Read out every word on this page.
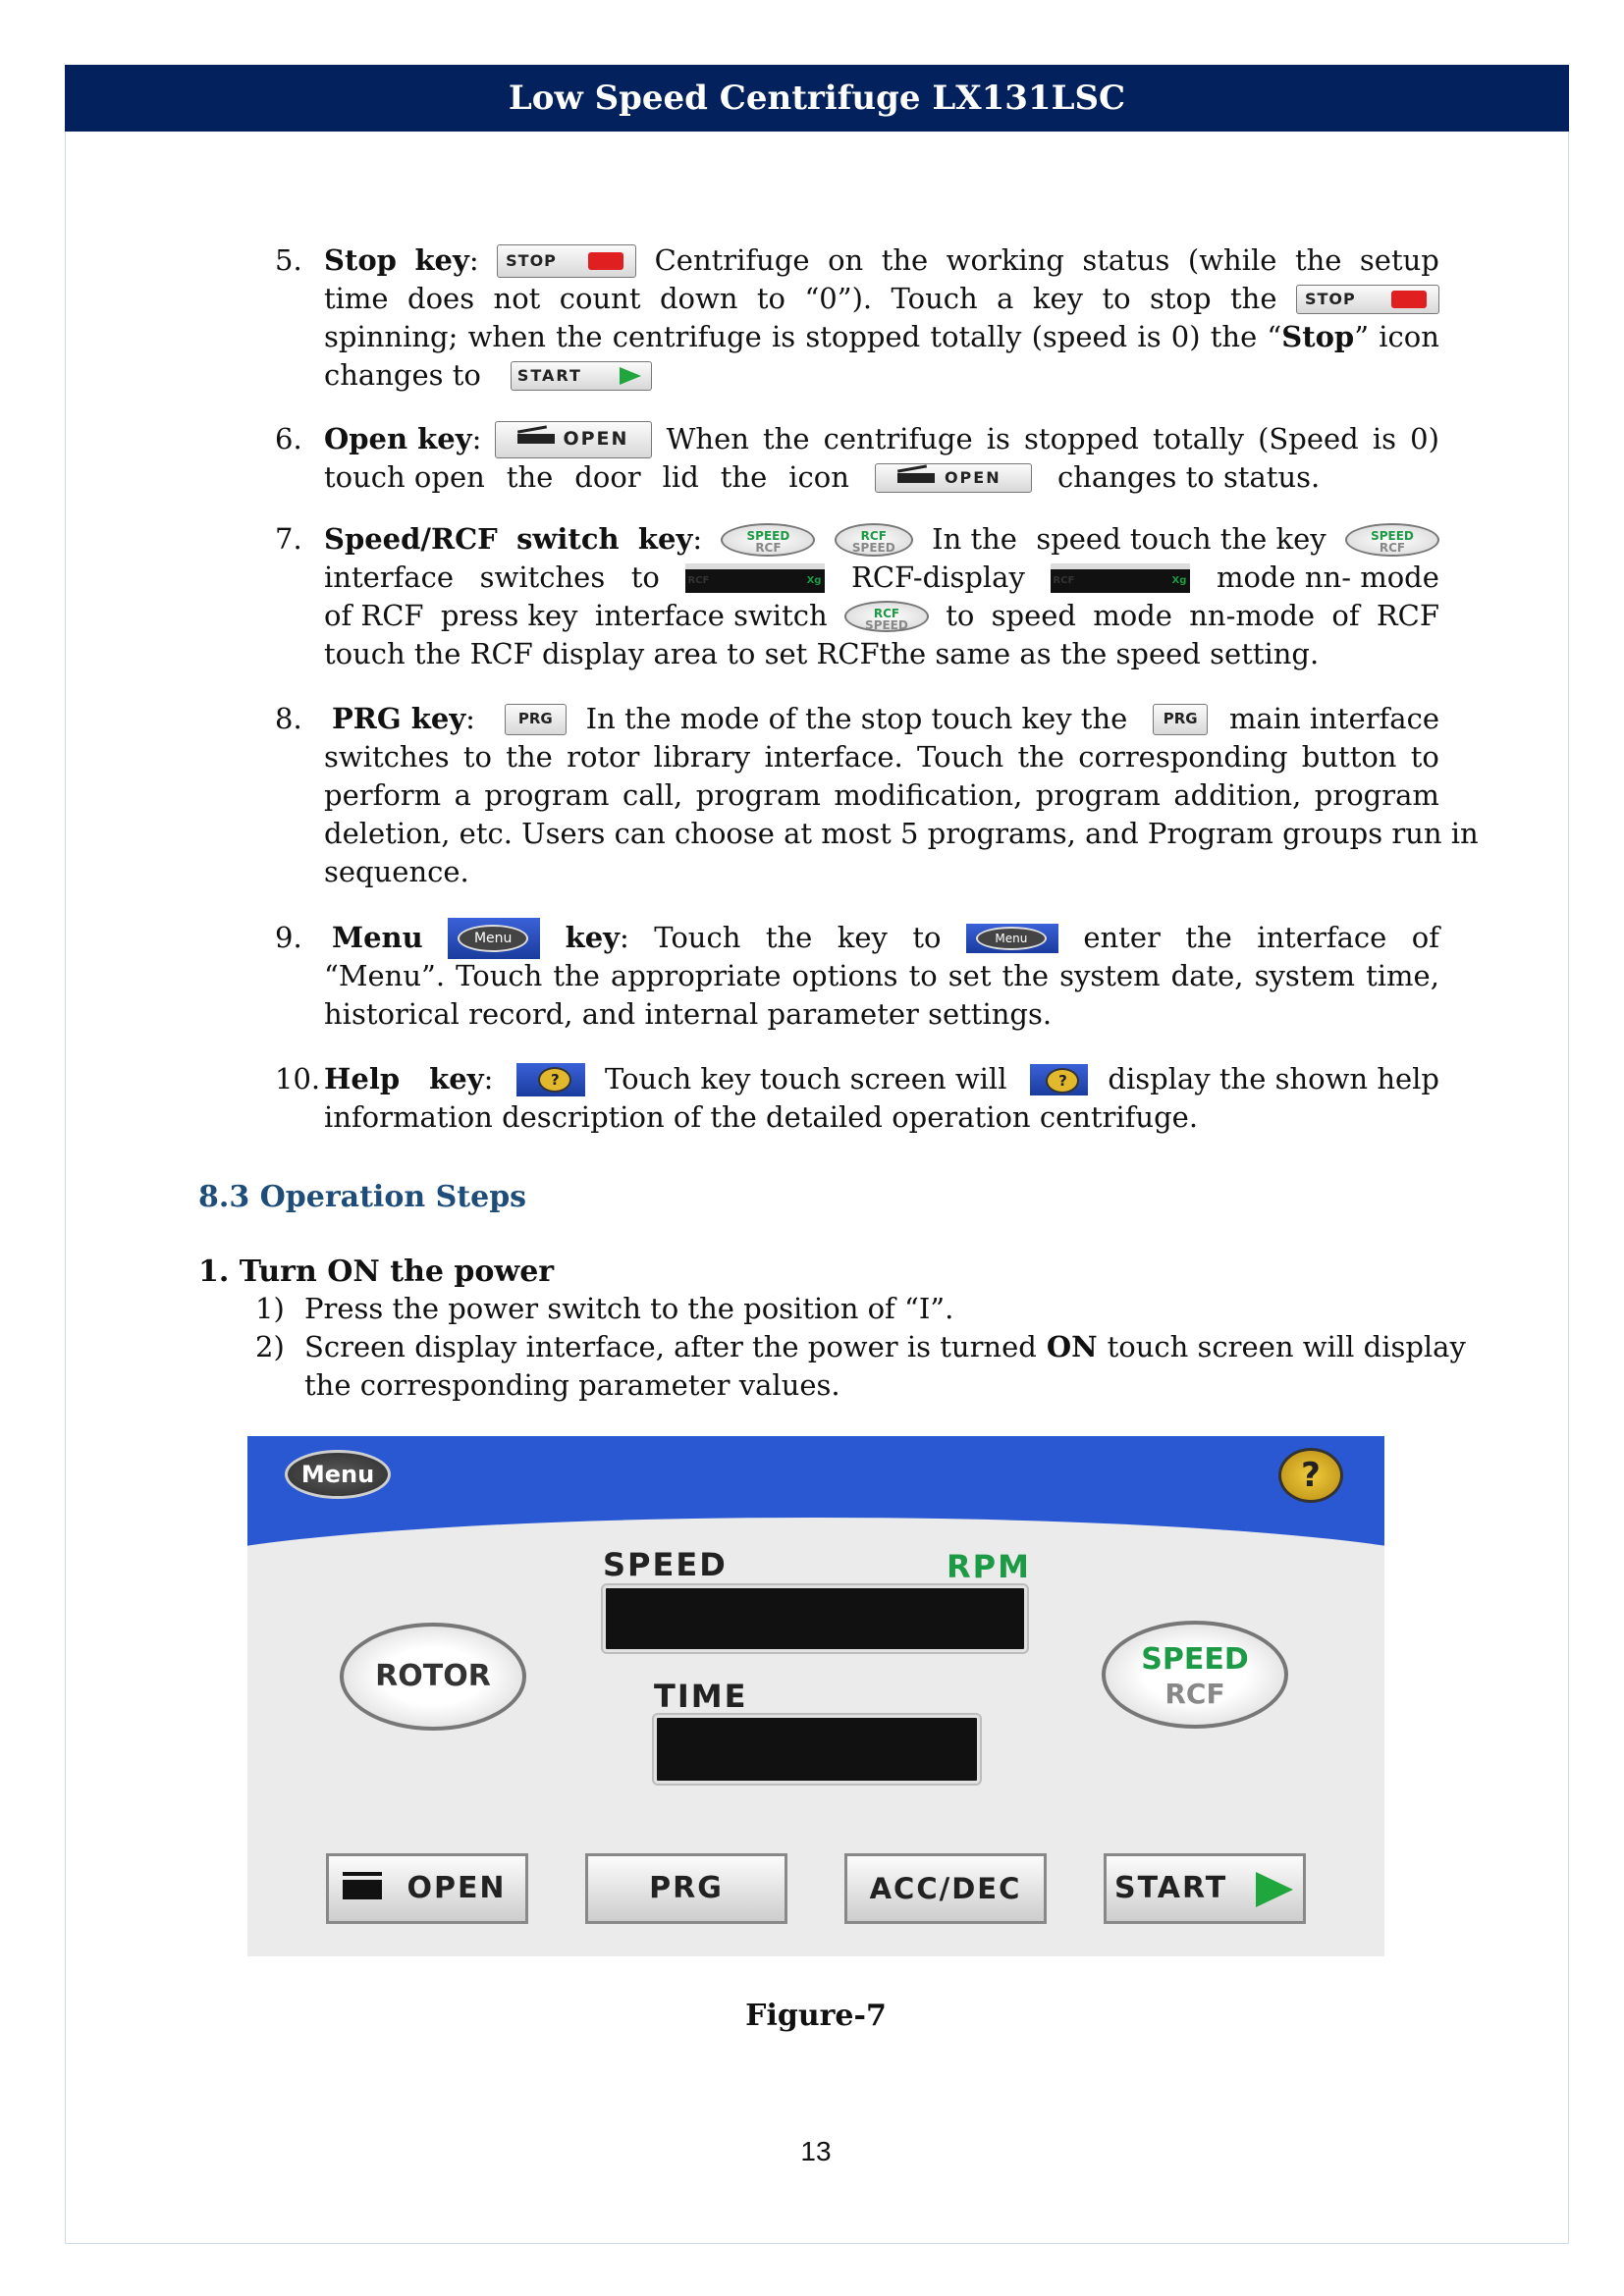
Low Speed Centrifuge LX131LSC
5. Stop key:	STOP	Centrifuge on the working status (while the setup
time does not count down to “0”). Touch a key to stop the	STOP
spinning; when the centrifuge is stopped totally (speed is 0) the “Stop” icon
changes to	START
6. Open key:	OPEN	When the centrifuge is stopped totally (Speed is 0)
touch open the door lid the icon	OPEN	changes to status.
7. Speed/RCF switch key:	SPEED
RCF
RCF
SPEED	In the speed touch the key	SPEED
RCF
interface switches to	RCF	Xg RCF-display	RCF	Xg mode nn- mode
of RCF press key interface switch	RCF
SPEED	to speed mode nn-mode of RCF
touch the RCF display area to set RCFthe same as the speed setting.
8. PRG key:	PRG	In the mode of the stop touch key the	PRG	main interface
switches to the rotor library interface. Touch the corresponding button to
perform a program call, program modification, program addition, program
deletion, etc. Users can choose at most 5 programs, and Program groups run in
sequence.
9. Menu	Menu	key: Touch the key to	Menu	enter the interface of
“Menu”. Touch the appropriate options to set the system date, system time,
historical record, and internal parameter settings.
10. Help key:	?	Touch key touch screen will	?	display the shown help
information description of the detailed operation centrifuge.
8.3 Operation Steps
1. Turn ON the power
1) Press the power switch to the position of “I”.
2) Screen display interface, after the power is turned ON touch screen will display
the corresponding parameter values.
Menu	?
SPEED	RPM
TIME
ROTOR	SPEED
RCF
OPEN	PRG	ACC/DEC	START
Figure-7
13
